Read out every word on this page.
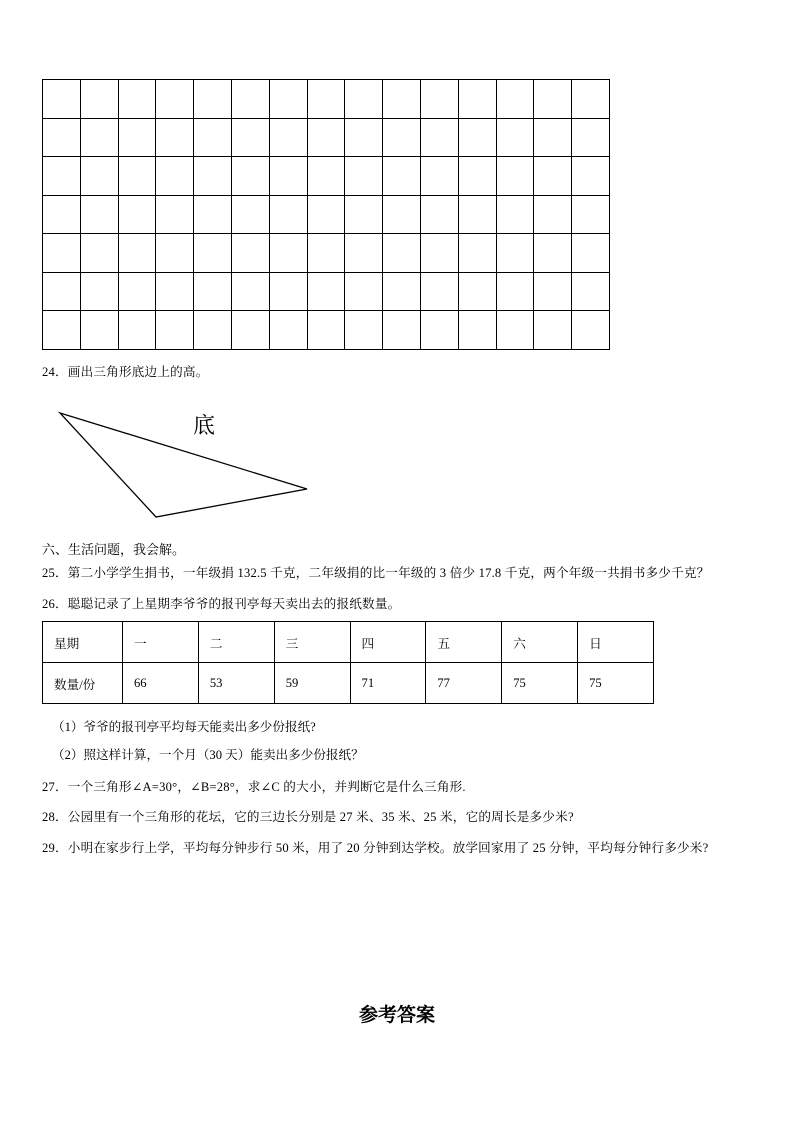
24．画出三角形底边上的高。
底
六、生活问题，我会解。
25．第二小学学生捐书，一年级捐 132.5 千克，二年级捐的比一年级的 3 倍少 17.8 千克，两个年级一共捐书多少千克？
26．聪聪记录了上星期李爷爷的报刊亭每天卖出去的报纸数量。
星期	一	二	三	四	五	六	日
数量/份	66	53	59	71	77	75	75
（1）爷爷的报刊亭平均每天能卖出多少份报纸?
（2）照这样计算，一个月（30 天）能卖出多少份报纸？
27．一个三角形∠A=30°，∠B=28°，求∠C 的大小，并判断它是什么三角形.
28．公园里有一个三角形的花坛，它的三边长分别是 27 米、35 米、25 米，它的周长是多少米?
29．小明在家步行上学，平均每分钟步行 50 米，用了 20 分钟到达学校。放学回家用了 25 分钟，平均每分钟行多少米?
参考答案
